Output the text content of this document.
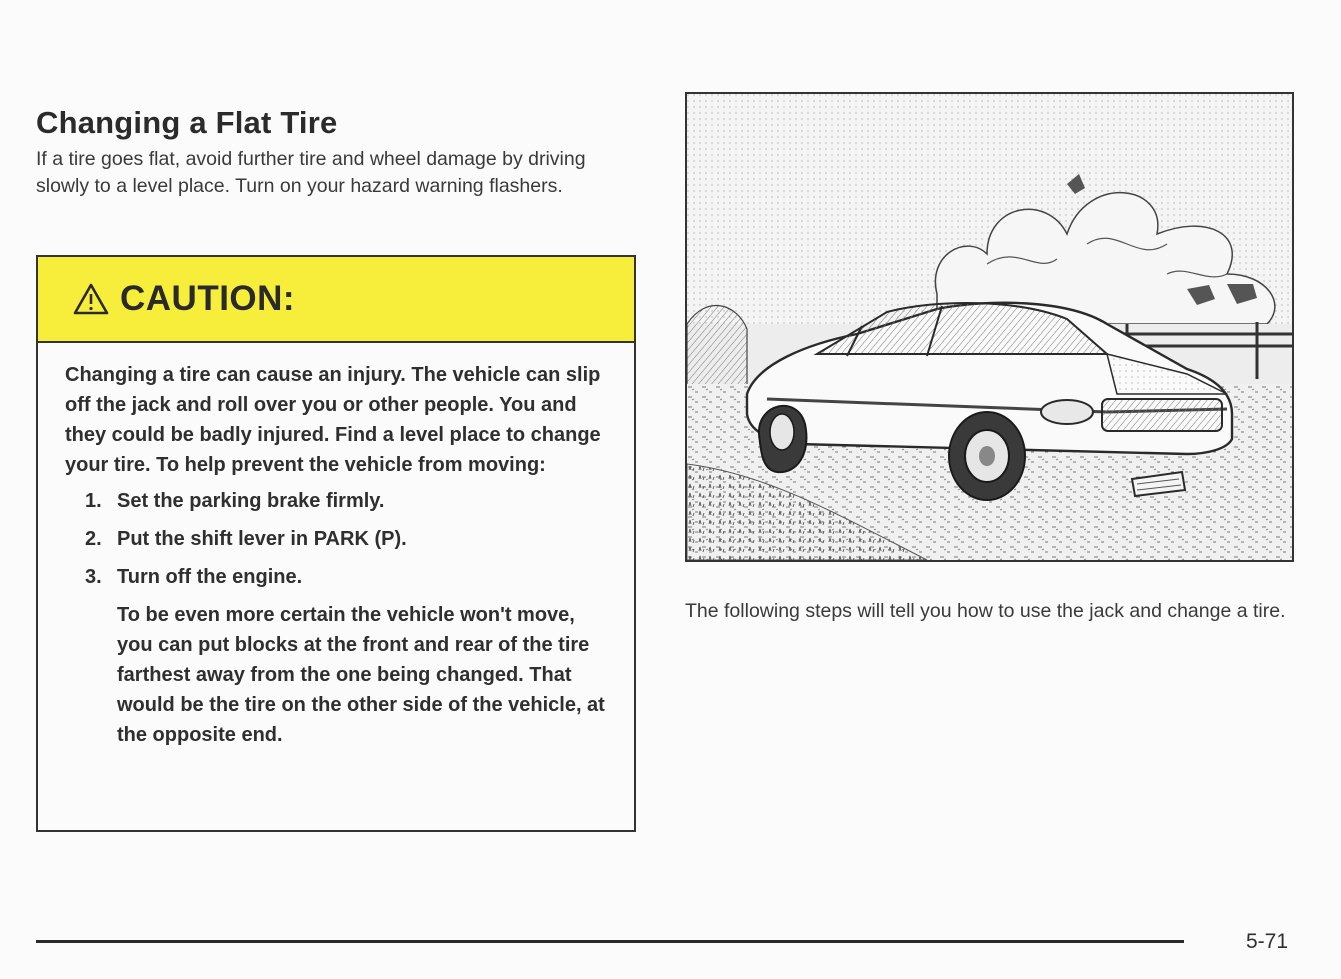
Changing a Flat Tire
If a tire goes flat, avoid further tire and wheel damage by driving slowly to a level place. Turn on your hazard warning flashers.
CAUTION:

Changing a tire can cause an injury. The vehicle can slip off the jack and roll over you or other people. You and they could be badly injured. Find a level place to change your tire. To help prevent the vehicle from moving:

1. Set the parking brake firmly.
2. Put the shift lever in PARK (P).
3. Turn off the engine.

To be even more certain the vehicle won't move, you can put blocks at the front and rear of the tire farthest away from the one being changed. That would be the tire on the other side of the vehicle, at the opposite end.

The following steps will tell you how to use the jack and change a tire.
5-71
